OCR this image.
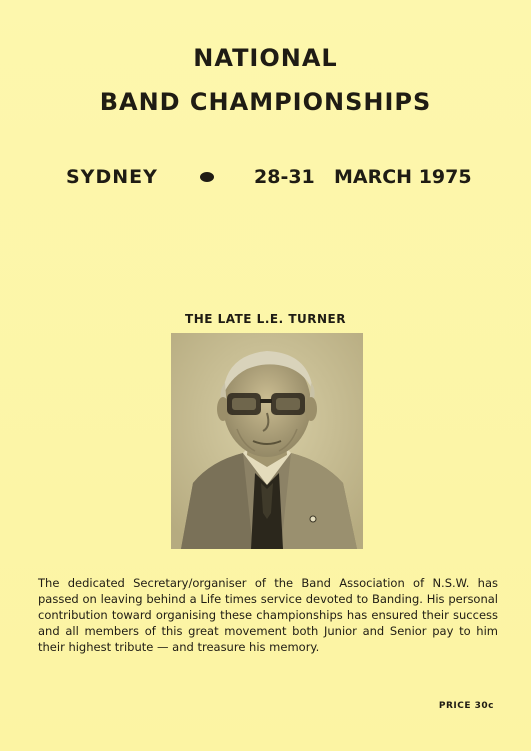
NATIONAL
BAND CHAMPIONSHIPS
SYDNEY	28-31 MARCH 1975
THE LATE L.E. TURNER
The dedicated Secretary/organiser of the Band Association of N.S.W. has passed on leaving behind a Life times service devoted to Banding. His personal contribution toward organising these championships has ensured their success and all members of this great movement both Junior and Senior pay to him their highest tribute — and treasure his memory.
PRICE 30c
